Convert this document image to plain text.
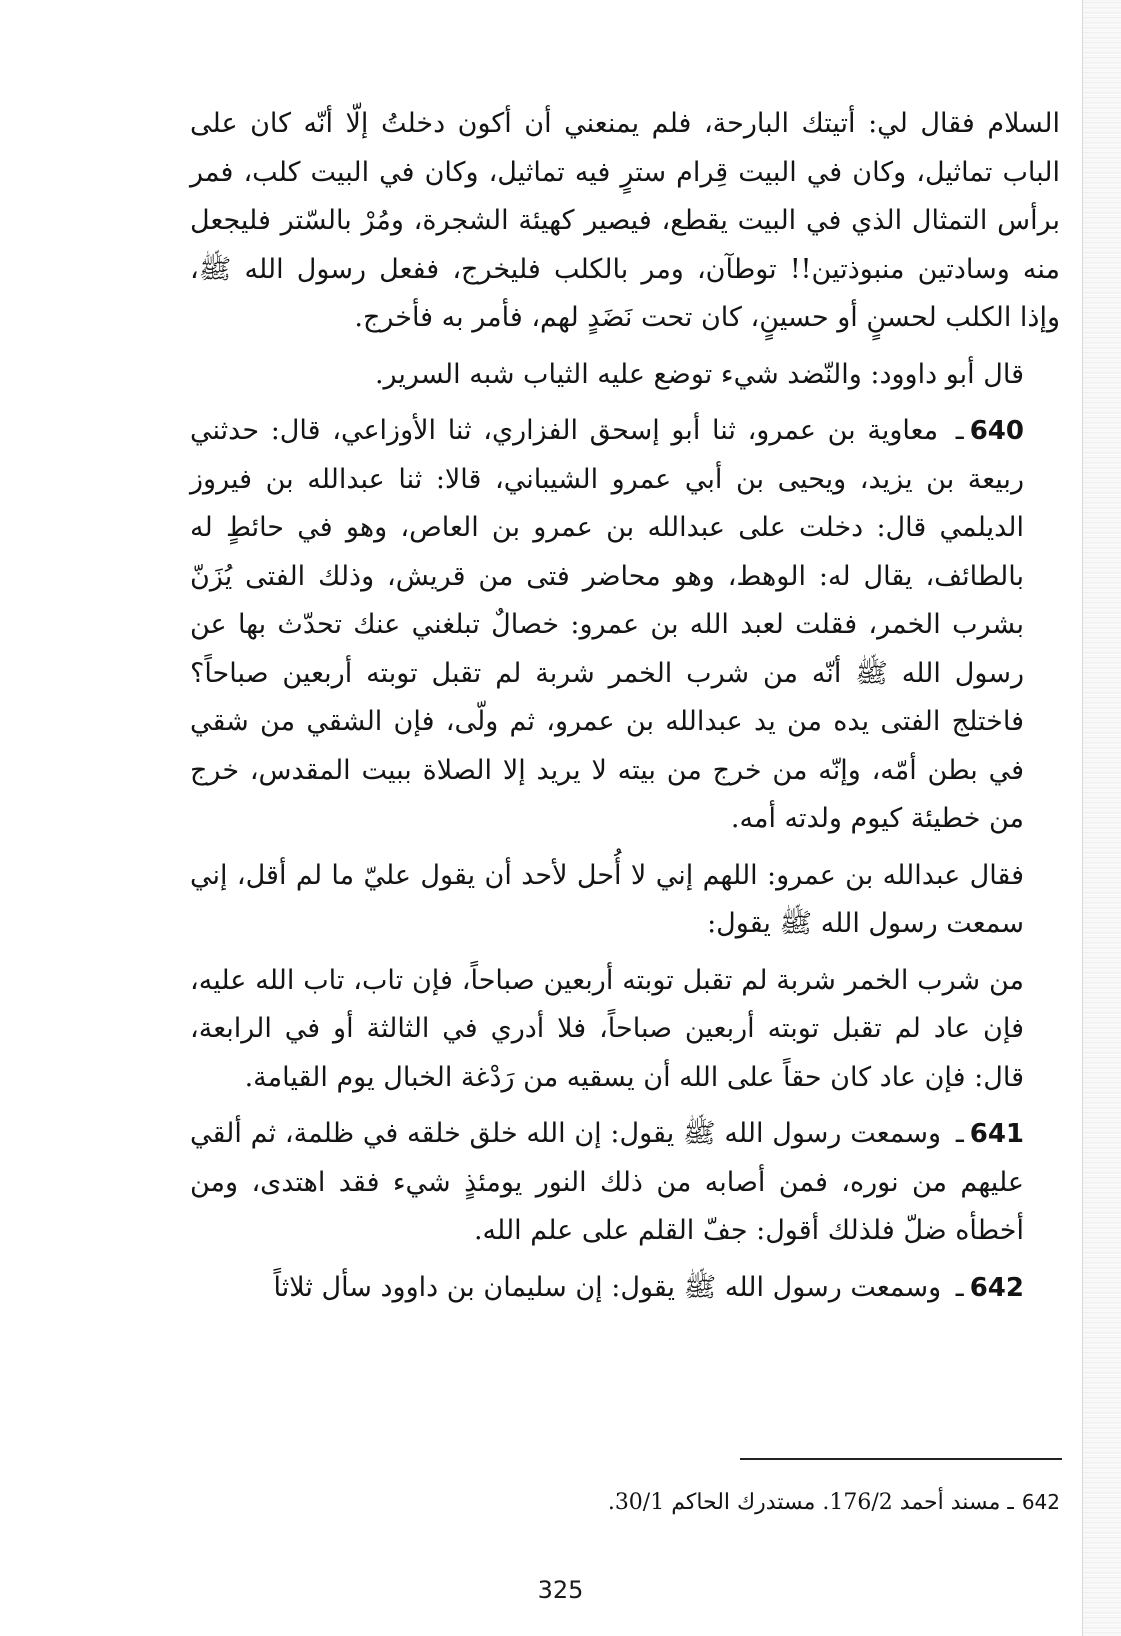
السلام فقال لي: أتيتك البارحة، فلم يمنعني أن أكون دخلتُ إلّا أنّه كان على الباب تماثيل، وكان في البيت قِرام سترٍ فيه تماثيل، وكان في البيت كلب، فمر برأس التمثال الذي في البيت يقطع، فيصير كهيئة الشجرة، ومُرْ بالسّتر فليجعل منه وسادتين منبوذتين!! توطآن، ومر بالكلب فليخرج، ففعل رسول الله ﷺ، وإذا الكلب لحسنٍ أو حسينٍ، كان تحت نَضَدٍ لهم، فأمر به فأخرج.

قال أبو داوود: والنّضد شيء توضع عليه الثياب شبه السرير.

640ـ معاوية بن عمرو، ثنا أبو إسحق الفزاري، ثنا الأوزاعي، قال: حدثني ربيعة بن يزيد، ويحيى بن أبي عمرو الشيباني، قالا: ثنا عبدالله بن فيروز الديلمي قال: دخلت على عبدالله بن عمرو بن العاص، وهو في حائطٍ له بالطائف، يقال له: الوهط، وهو محاضر فتى من قريش، وذلك الفتى يُزَنّ بشرب الخمر، فقلت لعبد الله بن عمرو: خصالٌ تبلغني عنك تحدّث بها عن رسول الله ﷺ أنّه من شرب الخمر شربة لم تقبل توبته أربعين صباحاً؟ فاختلج الفتى يده من يد عبدالله بن عمرو، ثم ولّى، فإن الشقي من شقي في بطن أمّه، وإنّه من خرج من بيته لا يريد إلا الصلاة ببيت المقدس، خرج من خطيئة كيوم ولدته أمه.

فقال عبدالله بن عمرو: اللهم إني لا أُحل لأحد أن يقول عليّ ما لم أقل، إني سمعت رسول الله ﷺ يقول:

من شرب الخمر شربة لم تقبل توبته أربعين صباحاً، فإن تاب، تاب الله عليه، فإن عاد لم تقبل توبته أربعين صباحاً، فلا أدري في الثالثة أو في الرابعة، قال: فإن عاد كان حقاً على الله أن يسقيه من رَدْغة الخبال يوم القيامة.

641ـ وسمعت رسول الله ﷺ يقول: إن الله خلق خلقه في ظلمة، ثم ألقي عليهم من نوره، فمن أصابه من ذلك النور يومئذٍ شيء فقد اهتدى، ومن أخطأه ضلّ فلذلك أقول: جفّ القلم على علم الله.

642ـ وسمعت رسول الله ﷺ يقول: إن سليمان بن داوود سأل ثلاثاً

642ـ مسند أحمد 176/2. مستدرك الحاكم 30/1.
325
